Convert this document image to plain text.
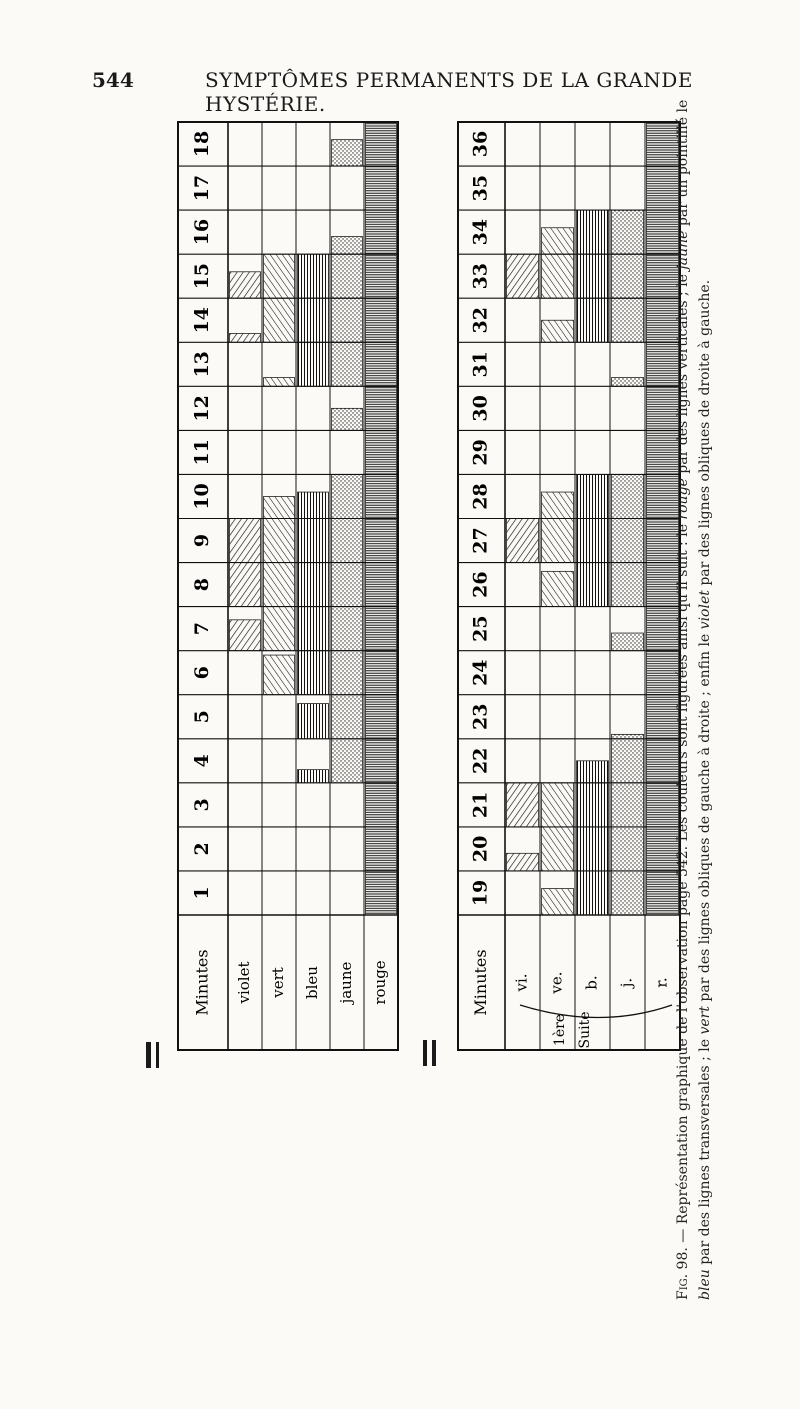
544	SYMPTÔMES PERMANENTS DE LA GRANDE HYSTÉRIE.
violet vert bleu jaune rouge
1
2
3
4
5
6
7
8
9
10
11
12
13
14
15
16
17
18
Minutes	vi. ve. b. j. r.
19
20
21
22
23
24
25
26
27
28
29
30
31
32
33
34
35
36
Minutes
1ère Suite
Fig. 98. — Représentation graphique de l'observation page 542. Les couleurs sont figurées ainsi qu'il suit : le rouge par des lignes verticales ; le jaune par un pointillé le bleu par des lignes transversales ; le vert par des lignes obliques de gauche à droite ; enfin le violet par des lignes obliques de droite à gauche.
